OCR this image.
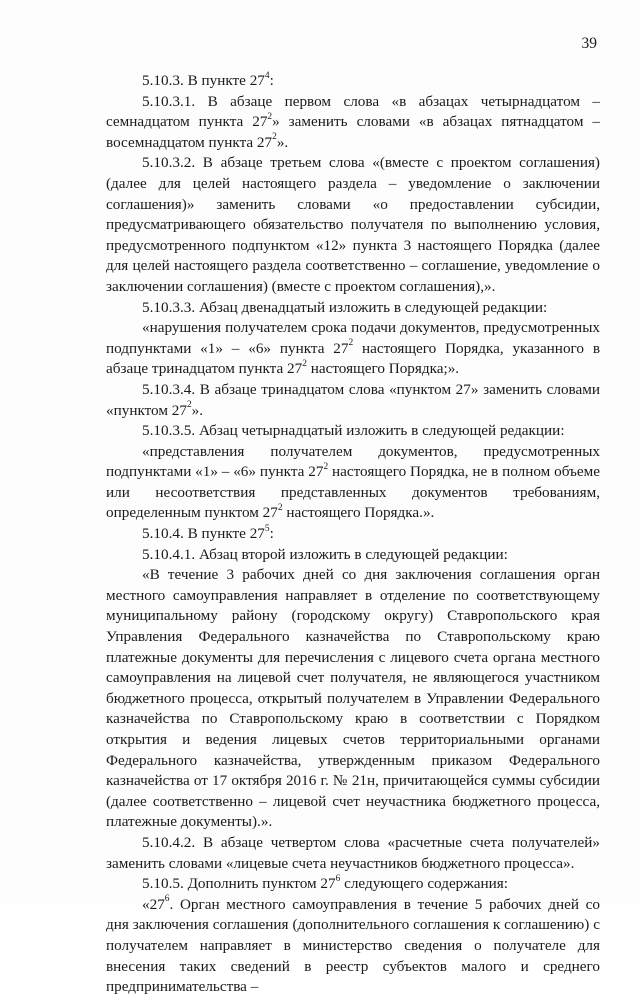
39

5.10.3. В пункте $27^4$:

5.10.3.1. В абзаце первом слова «в абзацах четырнадцатом – семнадцатом пункта $27^2$» заменить словами «в абзацах пятнадцатом – восемнадцатом пункта $27^2$».

5.10.3.2. В абзаце третьем слова «(вместе с проектом соглашения) (далее для целей настоящего раздела – уведомление о заключении соглашения)» заменить словами «о предоставлении субсидии, предусматривающего обязательство получателя по выполнению условия, предусмотренного подпунктом «12» пункта 3 настоящего Порядка (далее для целей настоящего раздела соответственно – соглашение, уведомление о заключении соглашения) (вместе с проектом соглашения),».

5.10.3.3. Абзац двенадцатый изложить в следующей редакции:

«нарушения получателем срока подачи документов, предусмотренных подпунктами «1» – «6» пункта $27^2$ настоящего Порядка, указанного в абзаце тринадцатом пункта $27^2$ настоящего Порядка;».

5.10.3.4. В абзаце тринадцатом слова «пунктом 27» заменить словами «пунктом $27^2$».

5.10.3.5. Абзац четырнадцатый изложить в следующей редакции:

«представления получателем документов, предусмотренных подпунктами «1» – «6» пункта $27^2$ настоящего Порядка, не в полном объеме или несоответствия представленных документов требованиям, определенным пунктом $27^2$ настоящего Порядка.».

5.10.4. В пункте $27^5$:

5.10.4.1. Абзац второй изложить в следующей редакции:

«В течение 3 рабочих дней со дня заключения соглашения орган местного самоуправления направляет в отделение по соответствующему муниципальному району (городскому округу) Ставропольского края Управления Федерального казначейства по Ставропольскому краю платежные документы для перечисления с лицевого счета органа местного самоуправления на лицевой счет получателя, не являющегося участником бюджетного процесса, открытый получателем в Управлении Федерального казначейства по Ставропольскому краю в соответствии с Порядком открытия и ведения лицевых счетов территориальными органами Федерального казначейства, утвержденным приказом Федерального казначейства от 17 октября 2016 г. № 21н, причитающейся суммы субсидии (далее соответственно – лицевой счет неучастника бюджетного процесса, платежные документы).».

5.10.4.2. В абзаце четвертом слова «расчетные счета получателей» заменить словами «лицевые счета неучастников бюджетного процесса».

5.10.5. Дополнить пунктом $27^6$ следующего содержания:

«$27^6$. Орган местного самоуправления в течение 5 рабочих дней со дня заключения соглашения (дополнительного соглашения к соглашению) с получателем направляет в министерство сведения о получателе для внесения таких сведений в реестр субъектов малого и среднего предпринимательства –
